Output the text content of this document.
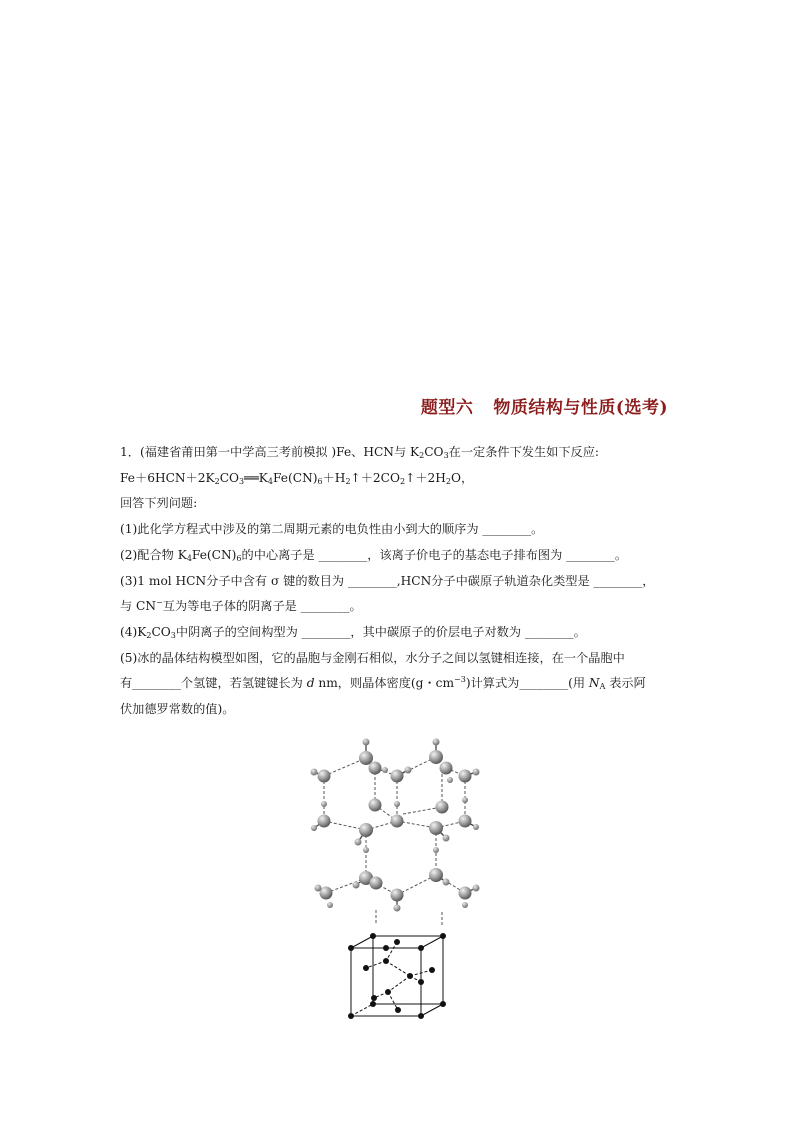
题型六 物质结构与性质(选考)

1．(福建省莆田第一中学高三考前模拟 )Fe、HCN与 $K_2CO_3$在一定条件下发生如下反应:

$Fe+6HCN+2K_2CO_3══K_4Fe(CN)_6+H_2↑+2CO_2↑+2H_2O$，

回答下列问题:

(1)此化学方程式中涉及的第二周期元素的电负性由小到大的顺序为 ________。

(2)配合物 $K_4Fe(CN)_6$的中心离子是 ________，该离子价电子的基态电子排布图为 ________。

(3)1 mol HCN分子中含有 σ 键的数目为 ________,HCN分子中碳原子轨道杂化类型是 ________，

与 CN−互为等电子体的阴离子是 ________。

$(4)K_2CO_3$中阴离子的空间构型为 ________，其中碳原子的价层电子对数为 ________。

(5)冰的晶体结构模型如图，它的晶胞与金刚石相似，水分子之间以氢键相连接，在一个晶胞中

有________个氢键，若氢键键长为 d nm，则晶体密度(g・$cm^{-3}$)计算式为________(用 $N_A$ 表示阿

伏加德罗常数的值)。
